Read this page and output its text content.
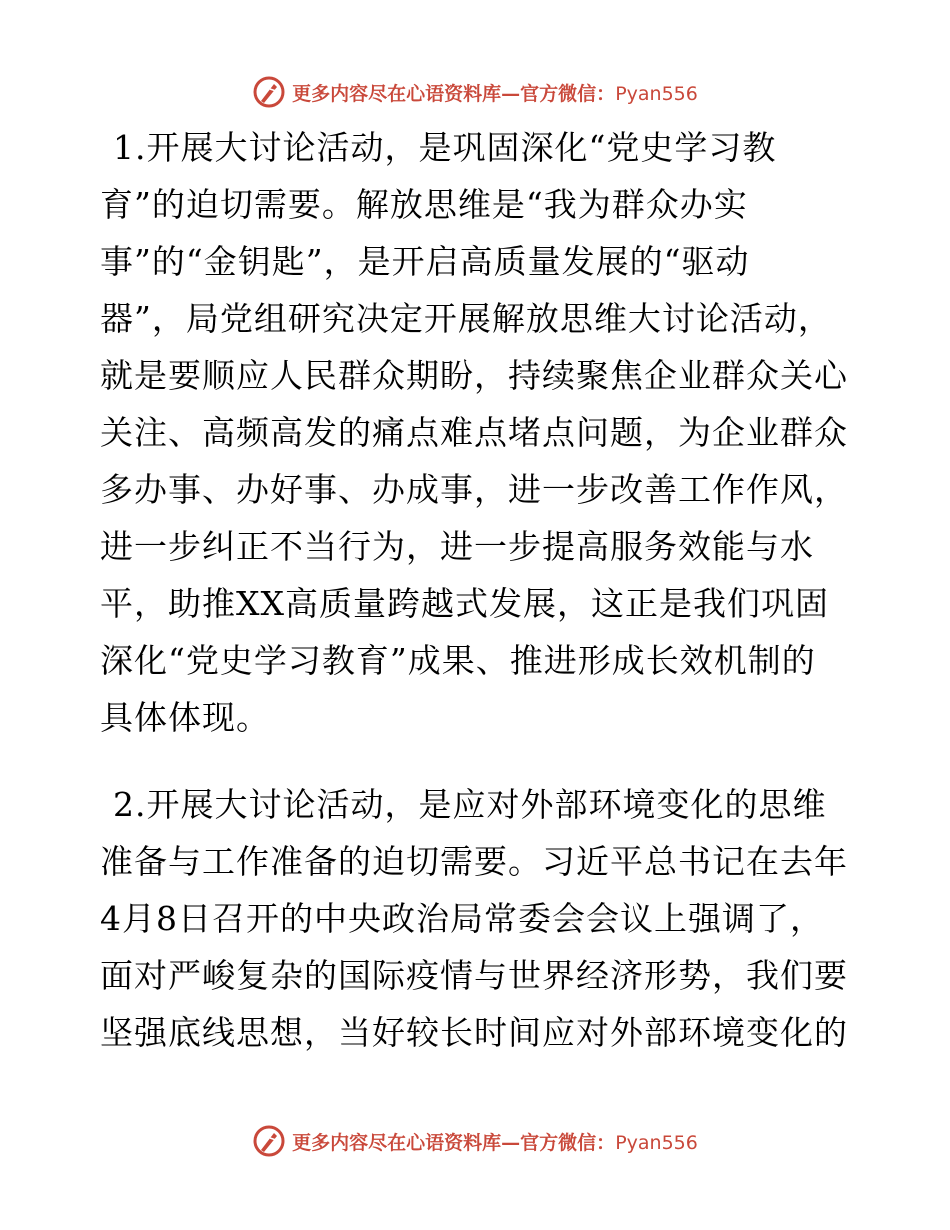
更多内容尽在心语资料库—官方微信：Pyan556
1.开展大讨论活动，是巩固深化“党史学习教
育”的迫切需要。解放思维是“我为群众办实
事”的“金钥匙”，是开启高质量发展的“驱动
器”，局党组研究决定开展解放思维大讨论活动，
就是要顺应人民群众期盼，持续聚焦企业群众关心
关注、高频高发的痛点难点堵点问题，为企业群众
多办事、办好事、办成事，进一步改善工作作风，
进一步纠正不当行为，进一步提高服务效能与水
平，助推XX高质量跨越式发展，这正是我们巩固
深化“党史学习教育”成果、推进形成长效机制的
具体体现。
2.开展大讨论活动，是应对外部环境变化的思维
准备与工作准备的迫切需要。习近平总书记在去年
4月8日召开的中央政治局常委会会议上强调了，
面对严峻复杂的国际疫情与世界经济形势，我们要
坚强底线思想，当好较长时间应对外部环境变化的
更多内容尽在心语资料库—官方微信：Pyan556
